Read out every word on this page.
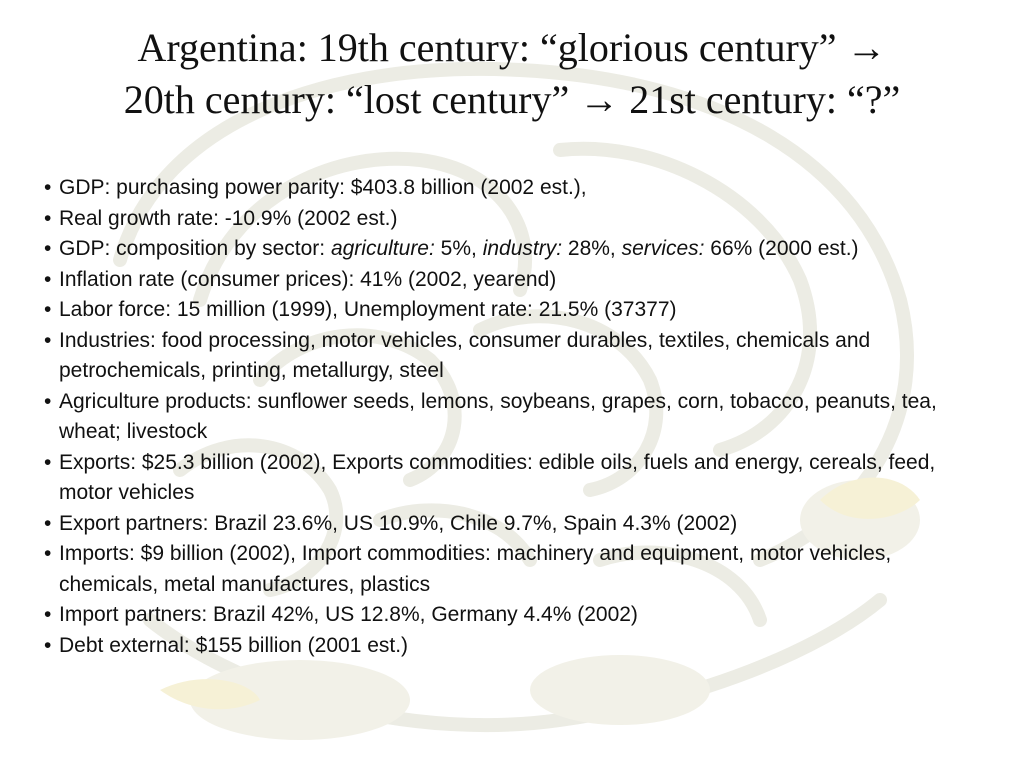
Argentina: 19th century: “glorious century” →
20th century: “lost century” → 21st century: “?”
• GDP: purchasing power parity: $403.8 billion (2002 est.),
• Real growth rate: -10.9% (2002 est.)
• GDP: composition by sector: agriculture: 5%, industry: 28%, services: 66% (2000 est.)
• Inflation rate (consumer prices): 41% (2002, yearend)
• Labor force: 15 million (1999), Unemployment rate: 21.5% (37377)
• Industries: food processing, motor vehicles, consumer durables, textiles, chemicals and petrochemicals, printing, metallurgy, steel
• Agriculture products: sunflower seeds, lemons, soybeans, grapes, corn, tobacco, peanuts, tea, wheat; livestock
• Exports: $25.3 billion (2002), Exports commodities: edible oils, fuels and energy, cereals, feed, motor vehicles
• Export partners: Brazil 23.6%, US 10.9%, Chile 9.7%, Spain 4.3% (2002)
• Imports: $9 billion (2002), Import commodities: machinery and equipment, motor vehicles, chemicals, metal manufactures, plastics
• Import partners: Brazil 42%, US 12.8%, Germany 4.4% (2002)
• Debt external: $155 billion (2001 est.)
